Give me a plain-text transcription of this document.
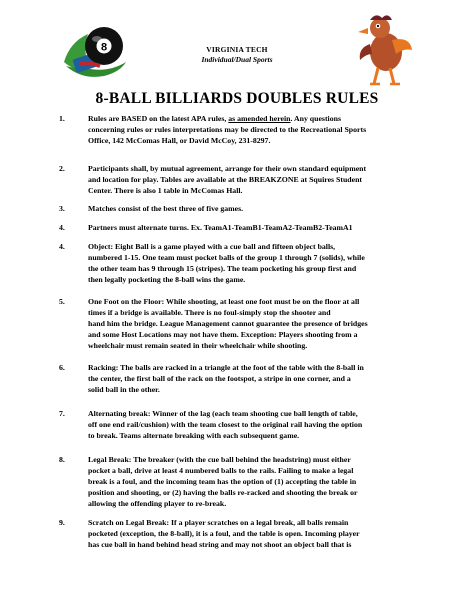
8	VIRGINIA TECH
Individual/Dual Sports
8-BALL BILLIARDS DOUBLES RULES
1.	Rules are BASED on the latest APA rules, as amended herein. Any questions
concerning rules or rules interpretations may be directed to the Recreational Sports
Office, 142 McComas Hall, or David McCoy, 231-8297.
2.	Participants shall, by mutual agreement, arrange for their own standard equipment
and location for play. Tables are available at the BREAKZONE at Squires Student
Center. There is also 1 table in McComas Hall.
3.	Matches consist of the best three of five games.
4.	Partners must alternate turns. Ex. TeamA1-TeamB1-TeamA2-TeamB2-TeamA1
4.	Object: Eight Ball is a game played with a cue ball and fifteen object balls,
numbered 1-15. One team must pocket balls of the group 1 through 7 (solids), while
the other team has 9 through 15 (stripes). The team pocketing his group first and
then legally pocketing the 8-ball wins the game.
5.	One Foot on the Floor: While shooting, at least one foot must be on the floor at all
times if a bridge is available. There is no foul-simply stop the shooter and
hand him the bridge. League Management cannot guarantee the presence of bridges
and some Host Locations may not have them. Exception: Players shooting from a
wheelchair must remain seated in their wheelchair while shooting.
6.	Racking: The balls are racked in a triangle at the foot of the table with the 8-ball in
the center, the first ball of the rack on the footspot, a stripe in one corner, and a
solid ball in the other.
7.	Alternating break: Winner of the lag (each team shooting cue ball length of table,
off one end rail/cushion) with the team closest to the original rail having the option
to break. Teams alternate breaking with each subsequent game.
8.	Legal Break: The breaker (with the cue ball behind the headstring) must either
pocket a ball, drive at least 4 numbered balls to the rails. Failing to make a legal
break is a foul, and the incoming team has the option of (1) accepting the table in
position and shooting, or (2) having the balls re-racked and shooting the break or
allowing the offending player to re-break.
9.	Scratch on Legal Break: If a player scratches on a legal break, all balls remain
pocketed (exception, the 8-ball), it is a foul, and the table is open. Incoming player
has cue ball in hand behind head string and may not shoot an object ball that is
